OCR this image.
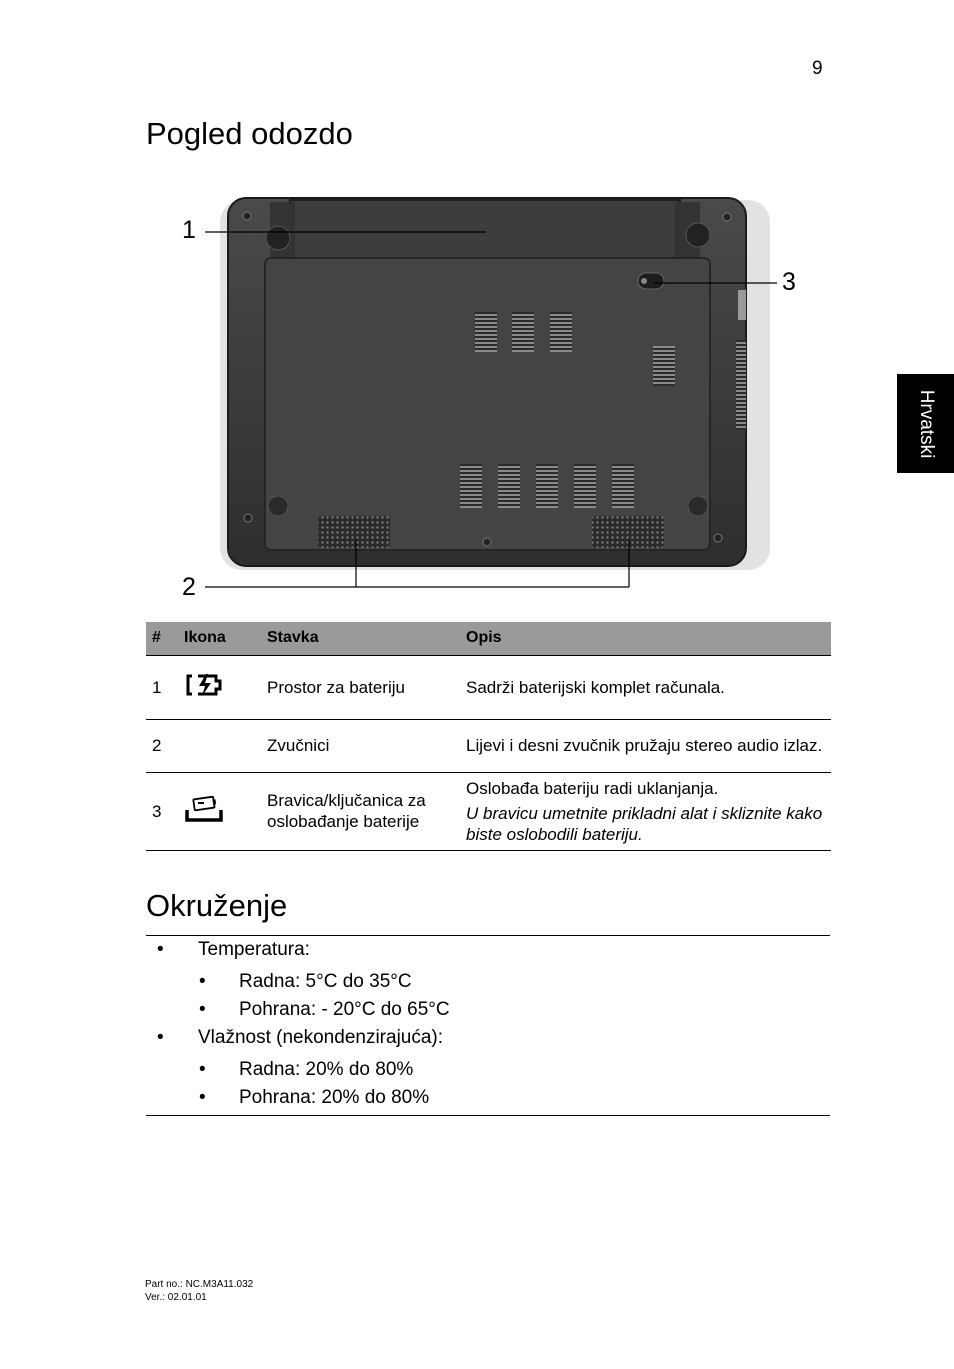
9
Hrvatski
Pogled odozdo
1
2
3
#	Ikona	Stavka	Opis
1		Prostor za bateriju	Sadrži baterijski komplet računala.
2		Zvučnici	Lijevi i desni zvučnik pružaju stereo audio izlaz.
3		Bravica/ključanica za oslobađanje baterije	Oslobađa bateriju radi uklanjanja.
U bravicu umetnite prikladni alat i skliznite kako biste oslobodili bateriju.
Okruženje
• Temperatura:
• Radna: 5°C do 35°C
• Pohrana: - 20°C do 65°C
• Vlažnost (nekondenzirajuća):
• Radna: 20% do 80%
• Pohrana: 20% do 80%
Part no.: NC.M3A11.032
Ver.: 02.01.01
